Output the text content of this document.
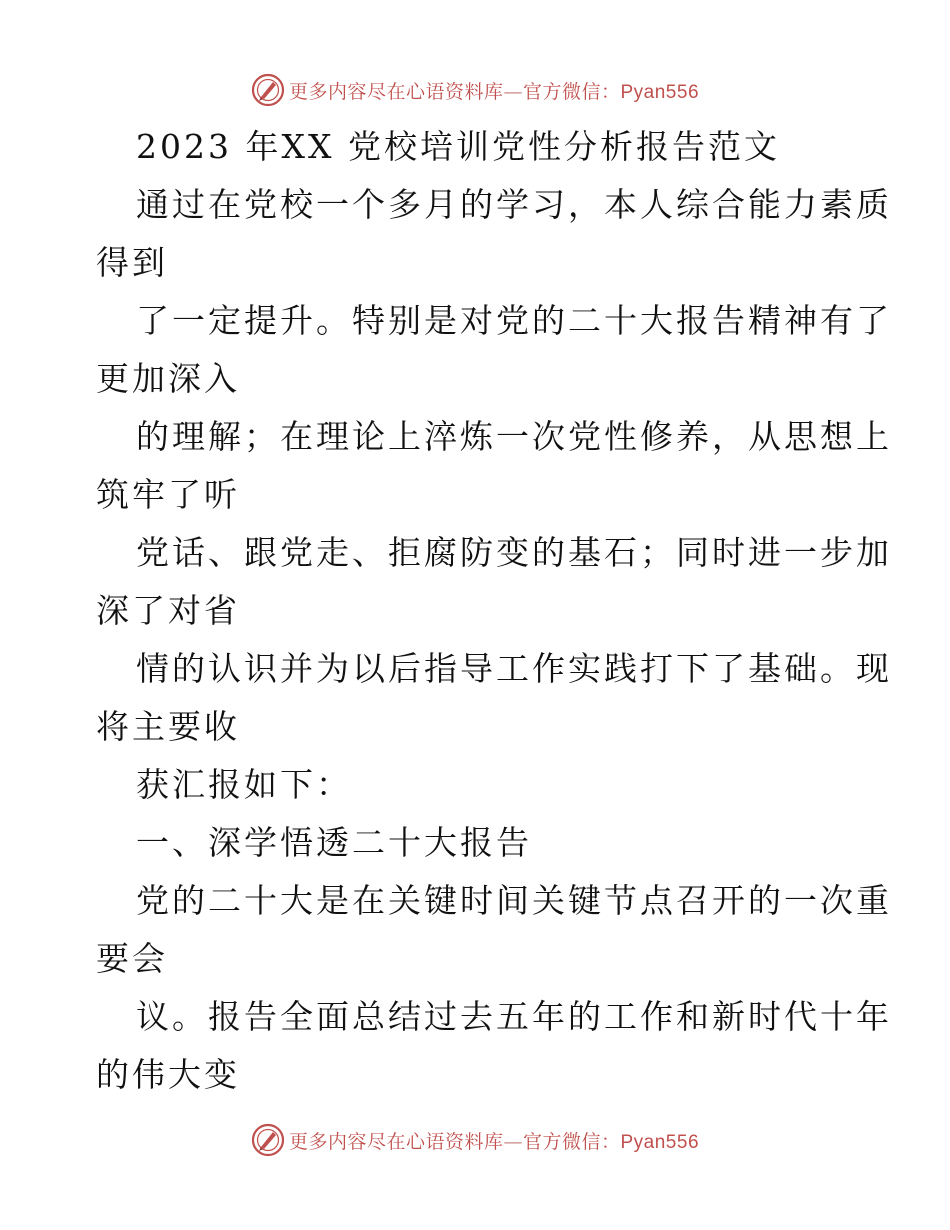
更多内容尽在心语资料库—官方微信：Pyan556
2023 年XX 党校培训党性分析报告范文
通过在党校一个多月的学习，本人综合能力素质
得到
了一定提升。特别是对党的二十大报告精神有了
更加深入
的理解；在理论上淬炼一次党性修养，从思想上
筑牢了听
党话、跟党走、拒腐防变的基石；同时进一步加
深了对省
情的认识并为以后指导工作实践打下了基础。现
将主要收
获汇报如下：
一、深学悟透二十大报告
党的二十大是在关键时间关键节点召开的一次重
要会
议。报告全面总结过去五年的工作和新时代十年
的伟大变
更多内容尽在心语资料库—官方微信：Pyan556
